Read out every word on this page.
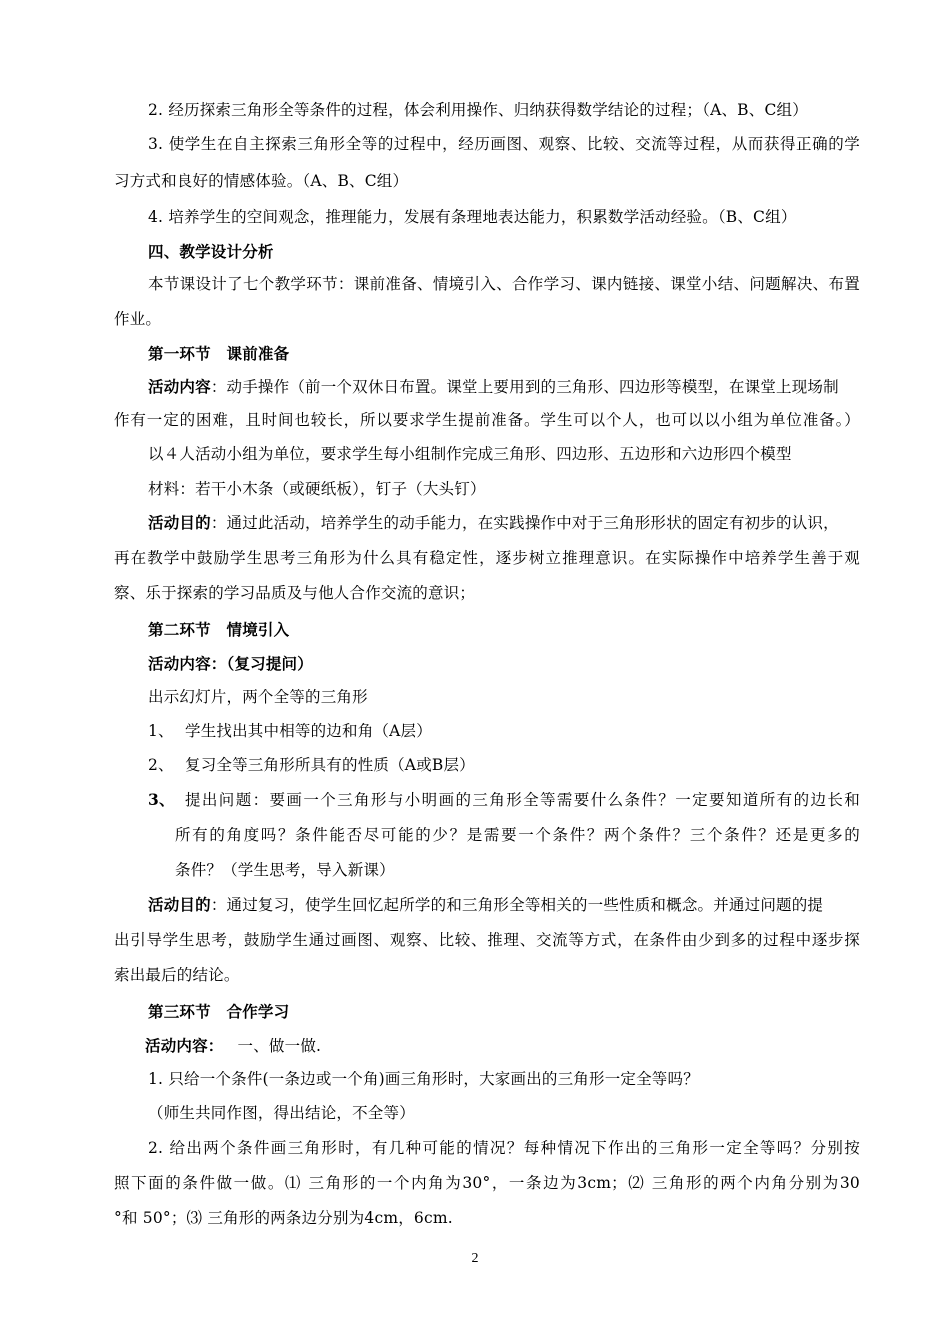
2. 经历探索三角形全等条件的过程，体会利用操作、归纳获得数学结论的过程；（A、B、C组）
3. 使学生在自主探索三角形全等的过程中，经历画图、观察、比较、交流等过程，从而获得正确的学
习方式和良好的情感体验。（A、B、C组）
4. 培养学生的空间观念，推理能力，发展有条理地表达能力，积累数学活动经验。（B、C组）
四、教学设计分析
本节课设计了七个教学环节：课前准备、情境引入、合作学习、课内链接、课堂小结、问题解决、布置
作业。
第一环节　课前准备
活动内容：动手操作（前一个双休日布置。课堂上要用到的三角形、四边形等模型，在课堂上现场制
作有一定的困难，且时间也较长，所以要求学生提前准备。学生可以个人，也可以以小组为单位准备。）
以４人活动小组为单位，要求学生每小组制作完成三角形、四边形、五边形和六边形四个模型
材料：若干小木条（或硬纸板），钉子（大头钉）
活动目的：通过此活动，培养学生的动手能力，在实践操作中对于三角形形状的固定有初步的认识，
再在教学中鼓励学生思考三角形为什么具有稳定性，逐步树立推理意识。在实际操作中培养学生善于观
察、乐于探索的学习品质及与他人合作交流的意识；
第二环节　情境引入
活动内容：（复习提问）
出示幻灯片，两个全等的三角形
1、 学生找出其中相等的边和角（A层）
2、 复习全等三角形所具有的性质（A或B层）
3、 提出问题：要画一个三角形与小明画的三角形全等需要什么条件？一定要知道所有的边长和
所有的角度吗？条件能否尽可能的少？是需要一个条件？两个条件？三个条件？还是更多的
条件？（学生思考，导入新课）
活动目的：通过复习，使学生回忆起所学的和三角形全等相关的一些性质和概念。并通过问题的提
出引导学生思考，鼓励学生通过画图、观察、比较、推理、交流等方式，在条件由少到多的过程中逐步探
索出最后的结论。
第三环节　合作学习
活动内容： 一、做一做.
1. 只给一个条件(一条边或一个角)画三角形时，大家画出的三角形一定全等吗？
（师生共同作图，得出结论，不全等）
2. 给出两个条件画三角形时，有几种可能的情况？每种情况下作出的三角形一定全等吗？分别按
照下面的条件做一做。⑴ 三角形的一个内角为30°，一条边为3cm；⑵ 三角形的两个内角分别为30
°和 50°；⑶ 三角形的两条边分别为4cm，6cm.
2
